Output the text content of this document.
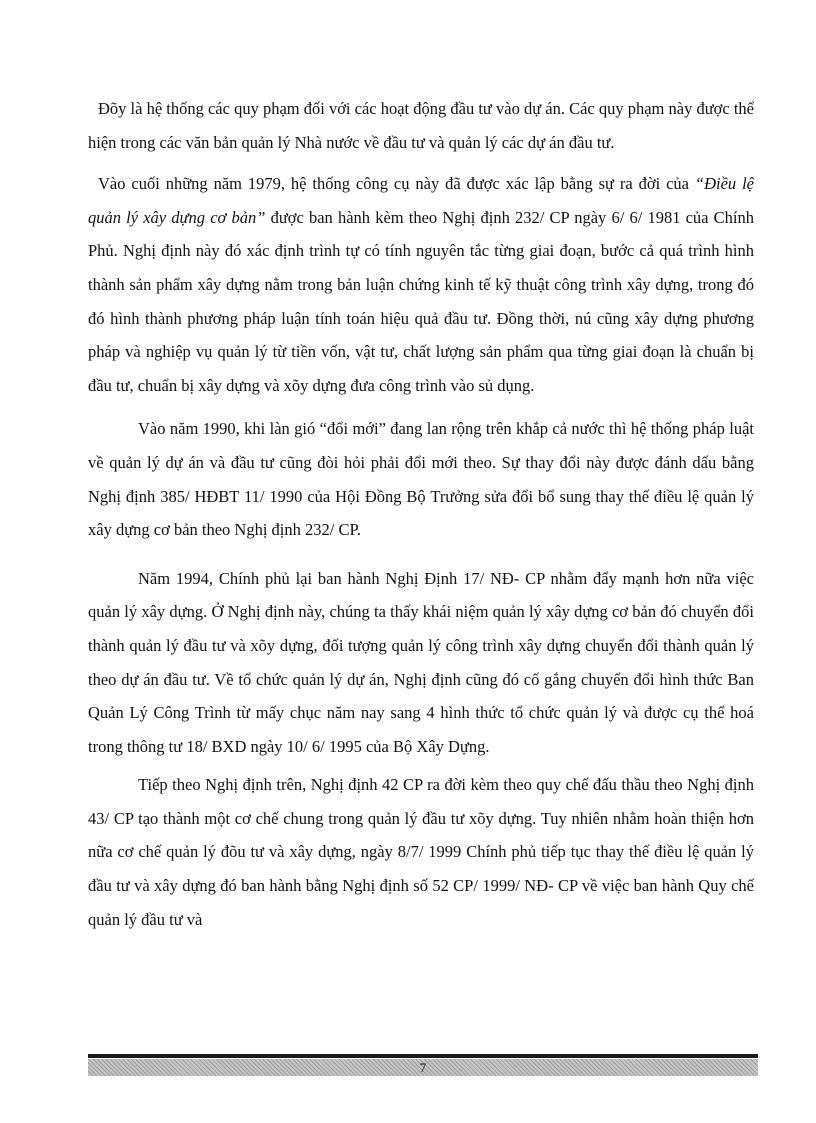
Đõy là hệ thống các quy phạm đối với các hoạt động đầu tư vào dự án. Các quy phạm này được thể hiện trong các văn bản quản lý Nhà nước về đầu tư và quản lý các dự án đầu tư.

Vào cuối những năm 1979, hệ thống công cụ này đã được xác lập bằng sự ra đời của “Điều lệ quản lý xây dựng cơ bản” được ban hành kèm theo Nghị định 232/ CP ngày 6/ 6/ 1981 của Chính Phủ. Nghị định này đó xác định trình tự có tính nguyên tắc từng giai đoạn, bước cả quá trình hình thành sản phẩm xây dựng nằm trong bản luận chứng kinh tế kỹ thuật công trình xây dựng, trong đó đó hình thành phương pháp luận tính toán hiệu quả đầu tư. Đồng thời, nú cũng xây dựng phương pháp và nghiệp vụ quản lý từ tiền vốn, vật tư, chất lượng sản phẩm qua từng giai đoạn là chuẩn bị đầu tư, chuẩn bị xây dựng và xõy dựng đưa công trình vào sủ dụng.

Vào năm 1990, khi làn gió “đổi mới” đang lan rộng trên khắp cả nước thì hệ thống pháp luật về quản lý dự án và đầu tư cũng đòi hỏi phải đổi mới theo. Sự thay đổi này được đánh dấu bằng Nghị định 385/ HĐBT 11/ 1990 của Hội Đồng Bộ Trưởng sửa đổi bổ sung thay thế điều lệ quản lý xây dựng cơ bản theo Nghị định 232/ CP.

Năm 1994, Chính phủ lại ban hành Nghị Định 17/ NĐ- CP nhằm đẩy mạnh hơn nữa việc quản lý xây dựng. Ở Nghị định này, chúng ta thấy khái niệm quản lý xây dựng cơ bản đó chuyển đổi thành quản lý đầu tư và xõy dựng, đối tượng quản lý công trình xây dựng chuyển đổi thành quản lý theo dự án đầu tư. Về tổ chức quản lý dự án, Nghị định cũng đó cố gắng chuyển đổi hình thức Ban Quản Lý Công Trình từ mấy chục năm nay sang 4 hình thức tổ chức quản lý và được cụ thể hoá trong thông tư 18/ BXD ngày 10/ 6/ 1995 của Bộ Xây Dựng.

Tiếp theo Nghị định trên, Nghị định 42 CP ra đời kèm theo quy chế đấu thầu theo Nghị định 43/ CP tạo thành một cơ chế chung trong quản lý đầu tư xõy dựng. Tuy nhiên nhằm hoàn thiện hơn nữa cơ chế quản lý đõu tư và xây dựng, ngày 8/7/ 1999 Chính phủ tiếp tục thay thế điều lệ quản lý đầu tư và xây dựng đó ban hành bằng Nghị định số 52 CP/ 1999/ NĐ- CP về việc ban hành Quy chế quản lý đầu tư và

7
